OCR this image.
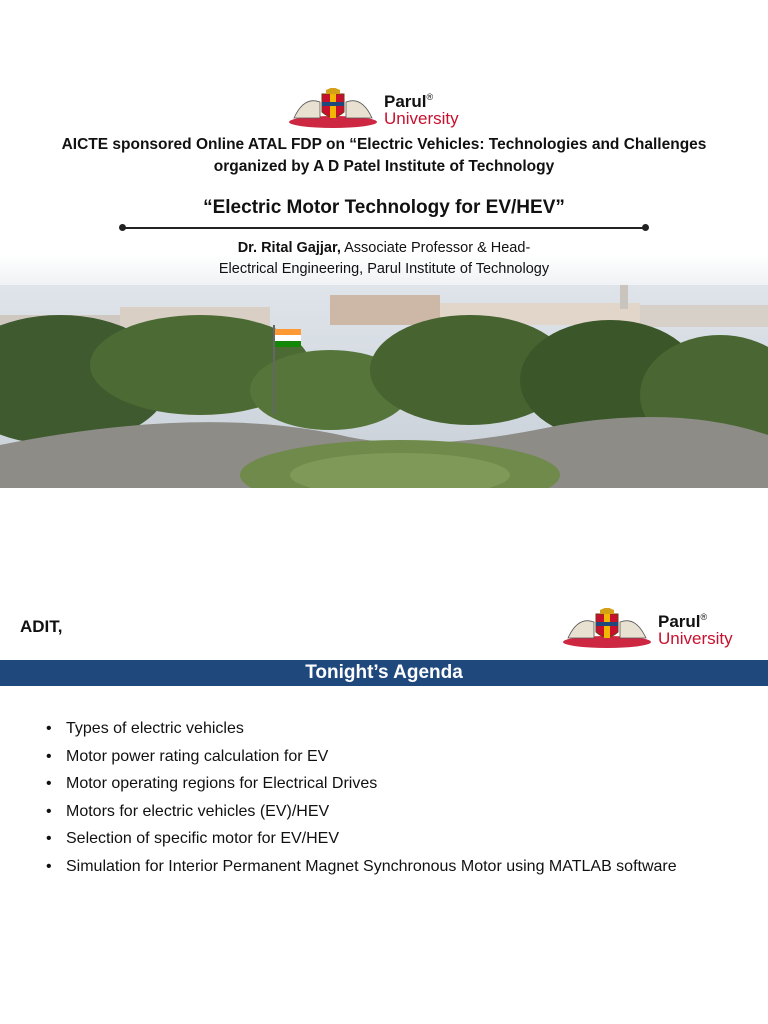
Parul®
University
AICTE sponsored Online ATAL FDP on “Electric Vehicles: Technologies and Challenges
organized by A D Patel Institute of Technology
“Electric Motor Technology for EV/HEV”
Dr. Rital Gajjar, Associate Professor & Head-
Electrical Engineering, Parul Institute of Technology
ADIT,	Parul®
University
Tonight’s Agenda
• Types of electric vehicles
• Motor power rating calculation for EV
• Motor operating regions for Electrical Drives
• Motors for electric vehicles (EV)/HEV
• Selection of specific motor for EV/HEV
• Simulation for Interior Permanent Magnet Synchronous Motor using MATLAB software
